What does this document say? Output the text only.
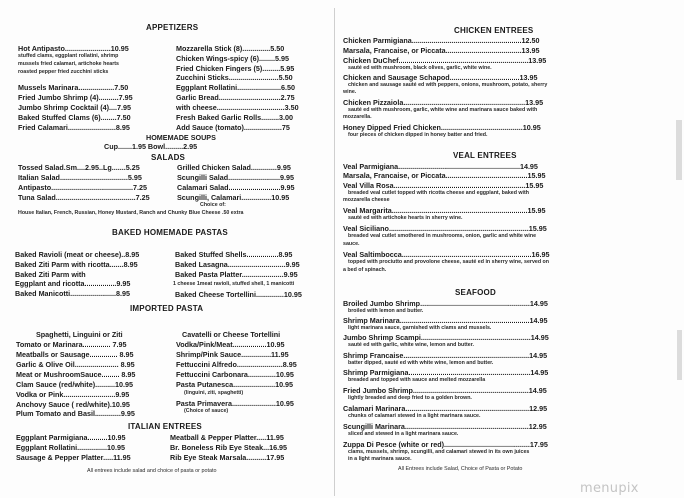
APPETIZERS
Hot Antipasto.......................10.95
stuffed clams, eggplant rollatini, shrimp
mussels fried calamari, artichoke hearts
roasted pepper fried zucchini sticks
Mussels Marinara..................7.50
Fried Jumbo Shrimp (4)..........7.95
Jumbo Shrimp Cocktail (4)....7.95
Baked Stuffed Clams (6)........7.50
Fried Calamari........................8.95
Mozzarella Stick (8)..............5.50
Chicken Wings-spicy (6)........5.95
Fried Chicken Fingers (5).........5.95
Zucchini Sticks.........................5.50
Eggplant Rollatini......................6.50
Garlic Bread...............................2.75
with cheese..................................3.50
Fresh Baked Garlic Rolls.........3.00
Add Sauce (tomato)...................75
HOMEMADE SOUPS
Cup.......1.95 Bowl.........2.95
SALADS
Tossed Salad.Sm....2.95..Lg.......5.25
Italian Salad..................................5.95
Antipasto.........................................7.25
Tuna Salad........................................7.25
Grilled Chicken Salad.............9.95
Scungilli Salad..........................9.95
Calamari Salad..........................9.95
Scungilli, Calamari...............10.95
Choice of:
House Italian, French, Russian, Honey Mustard, Ranch and Chunky Blue Cheese .50 extra
BAKED HOMEMADE PASTAS
Baked Ravioli (meat or cheese)..8.95
Baked Ziti Parm with ricotta.......8.95
Baked Ziti Parm with
Eggplant and ricotta................9.95
Baked Manicotti.......................8.95
Baked Stuffed Shells................8.95
Baked Lasagna.............................9.95
Baked Pasta Platter.....................9.95
1 cheese 1meat ravioli, stuffed shell, 1 manicotti
Baked Cheese Tortellini..............10.95
IMPORTED PASTA
Spaghetti, Linguini or Ziti
Tomato or Marinara.............. 7.95
Meatballs or Sausage.............. 8.95
Garlic & Olive Oil...................... 8.95
Meat or MushroomSauce......... 8.95
Clam Sauce (red/white)..........10.95
Vodka or Pink..........................9.95
Anchovy Sauce ( red/white).10.95
Plum Tomato and Basil.............9.95
Cavatelli or Cheese Tortellini
Vodka/Pink/Meat.................10.95
Shrimp/Pink Sauce...............11.95
Fettuccini Alfredo.......................8.95
Fettuccini Carbonara..............10.95
Pasta Putanesca.....................10.95
(linguini, ziti, spaghetti)
Pasta Primavera......................10.95
(Choice of sauce)
ITALIAN ENTREES
Eggplant Parmigiana..........10.95
Eggplant Rollatini...............10.95
Sausage & Pepper Platter.....11.95
Meatball & Pepper Platter.....11.95
Br. Boneless Rib Eye Steak...16.95
Rib Eye Steak Marsala..........17.95
All entrees include salad and choice of pasta or potato
CHICKEN ENTREES
Chicken Parmigiana.......................................................12.50
Marsala, Francaise, or Piccata......................................13.95
Chicken DuChef.................................................................13.95
sauté ed with mushroom, black olives, garlic, white wine.
Chicken and Sausage Schapod...................................13.95
chicken and sausage sauté ed with peppers, onions, mushroom, potato, sherry
wine.
Chicken Pizzaiola.............................................................13.95
sauté ed with mushroom, garlic, white wine and marinara sauce baked with
mozzarella.
Honey Dipped Fried Chicken.........................................10.95
four pieces of chicken dipped in honey batter and fried.
VEAL ENTREES
Veal Parmigiana.............................................................14.95
Marsala, Francaise, or Piccata.........................................15.95
Veal Villa Rosa..................................................................15.95
breaded veal cutlet topped with ricotta cheese and eggplant, baked with
mozzarella cheese
Veal Margarita....................................................................15.95
sauté ed with artichoke hearts in sherry wine.
Veal Siciliano......................................................................15.95
breaded veal cutlet smothered in mushrooms, onion, garlic and white wine
sauce.
Veal Saltimbocca.................................................................16.95
topped with prociutto and provolone cheese, sauté ed in sherry wine, served on
a bed of spinach.
SEAFOOD
Broiled Jumbo Shrimp.......................................................14.95
broiled with lemon and butter.
Shrimp Marinara.................................................................14.95
light marinara sauce, garnished with clams and mussels.
Jumbo Shrimp Scampi.......................................................14.95
sauté ed with garlic, white wine, lemon and butter.
Shrimp Francaise...............................................................14.95
batter dipped, sauté ed with white wine, lemon and butter.
Shrimp Parmigiana.............................................................14.95
breaded and topped with sauce and melted mozzarella
Fried Jumbo Shrimp..........................................................14.95
lightly breaded and deep fried to a golden brown.
Calamari Marinara..............................................................12.95
chunks of calamari stewed in a light marinara sauce.
Scungilli Marinara..............................................................12.95
sliced and stewed in a light marinara sauce.
Zuppa Di Pesce (white or red)...........................................17.95
clams, mussels, shrimp, scungilli, and calamari stewed in its own juices
in a light marinara sauce.
All Entrees include Salad, Choice of Pasta or Potato
menupix
